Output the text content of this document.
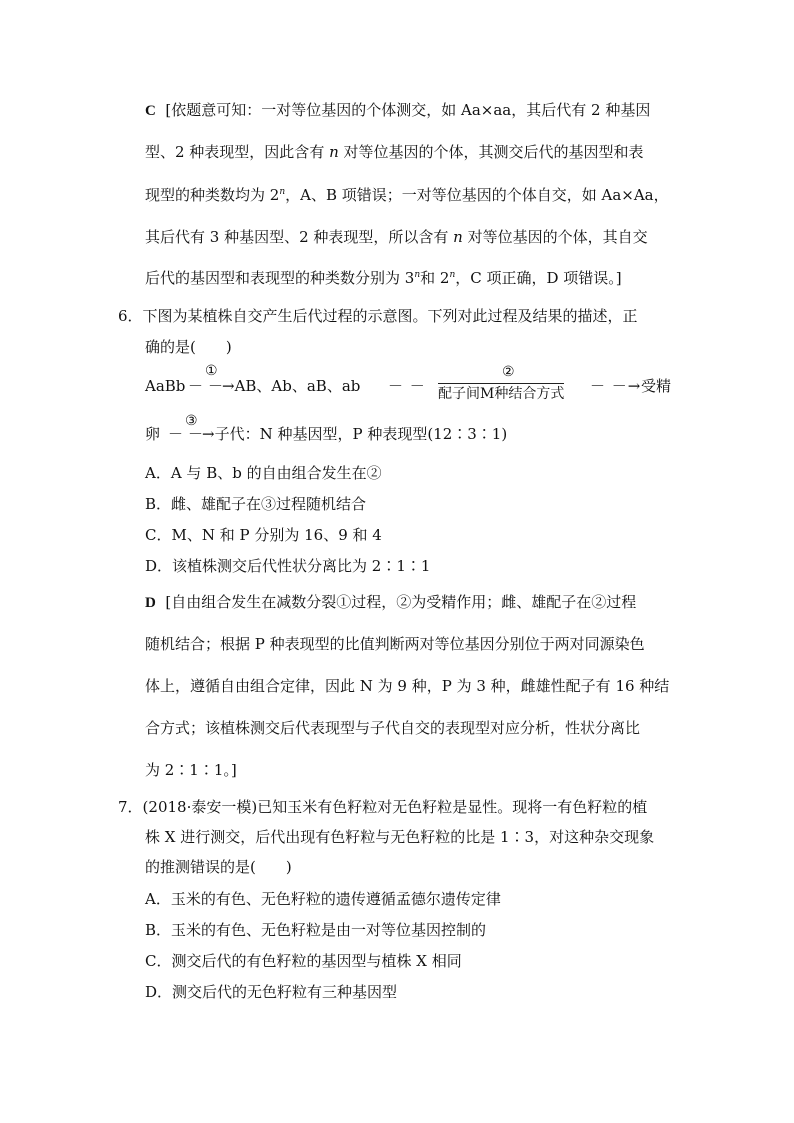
C [依题意可知：一对等位基因的个体测交，如 Aa×aa，其后代有 2 种基因
型、2 种表现型，因此含有 n 对等位基因的个体，其测交后代的基因型和表
现型的种类数均为 2$^n$，A、B 项错误；一对等位基因的个体自交，如 Aa×Aa，
其后代有 3 种基因型、2 种表现型，所以含有 n 对等位基因的个体，其自交
后代的基因型和表现型的种类数分别为 3$^n$和 2$^n$，C 项正确，D 项错误。]
6．下图为某植株自交产生后代过程的示意图。下列对此过程及结果的描述，正
确的是(　　)
AaBb －
①
－
→AB、Ab、aB、ab － －
②
配子间M种结合方式 － －→ 受精
卵 －
③
－
→子代：N 种基因型，P 种表现型(12∶3∶1)
A．A 与 B、b 的自由组合发生在②
B．雌、雄配子在③过程随机结合
C．M、N 和 P 分别为 16、9 和 4
D．该植株测交后代性状分离比为 2∶1∶1
D [自由组合发生在减数分裂①过程，②为受精作用；雌、雄配子在②过程
随机结合；根据 P 种表现型的比值判断两对等位基因分别位于两对同源染色
体上，遵循自由组合定律，因此 N 为 9 种，P 为 3 种，雌雄性配子有 16 种结
合方式；该植株测交后代表现型与子代自交的表现型对应分析，性状分离比
为 2∶1∶1。]
7．(2018·泰安一模)已知玉米有色籽粒对无色籽粒是显性。现将一有色籽粒的植
株 X 进行测交，后代出现有色籽粒与无色籽粒的比是 1∶3，对这种杂交现象
的推测错误的是(　　)
A．玉米的有色、无色籽粒的遗传遵循孟德尔遗传定律
B．玉米的有色、无色籽粒是由一对等位基因控制的
C．测交后代的有色籽粒的基因型与植株 X 相同
D．测交后代的无色籽粒有三种基因型
